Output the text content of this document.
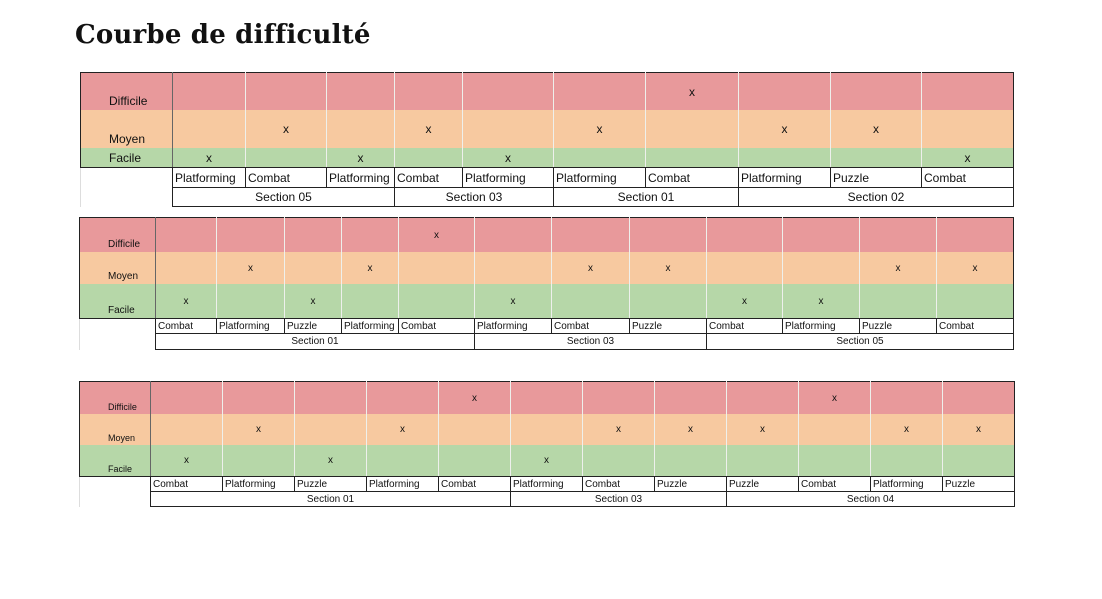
Courbe de difficulté
Difficile							x			

Moyen		x		x		x		x	x	

Facile	x		x		x					x
	Platforming	Combat	Platforming	Combat	Platforming	Platforming	Combat	Platforming	Puzzle	Combat
	Section 05			Section 03		Section 01		Section 02		
Difficile					x							

Moyen		x		x			x	x			x	x

Facile	x		x			x			x	x		
	Combat	Platforming	Puzzle	Platforming	Combat	Platforming	Combat	Puzzle	Combat	Platforming	Puzzle	Combat
	Section 01					Section 03			Section 05			
Difficile					x					x		

Moyen		x		x			x	x	x		x	x

Facile	x		x			x						
	Combat	Platforming	Puzzle	Platforming	Combat	Platforming	Combat	Puzzle	Puzzle	Combat	Platforming	Puzzle
	Section 01					Section 03			Section 04			
